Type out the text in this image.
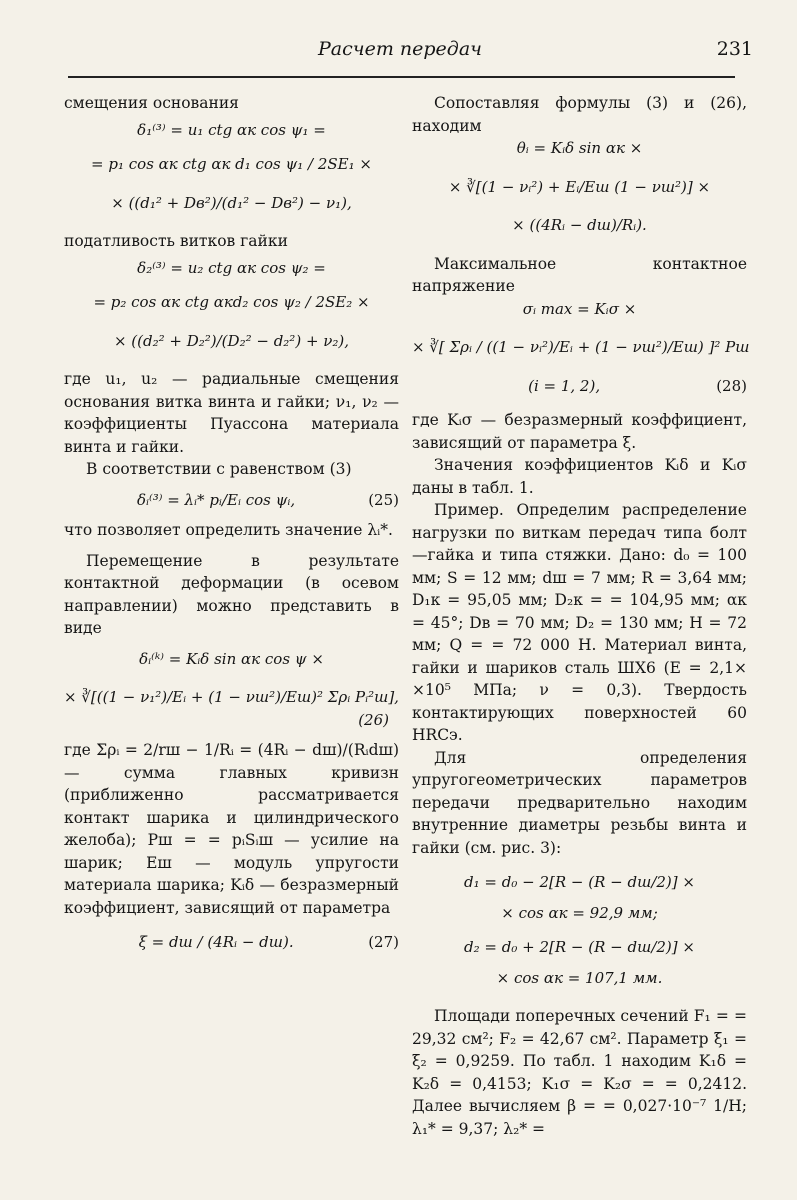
Расчет передач	231

смещения основания

δ₁⁽³⁾ = u₁ ctg αк cos ψ₁ =
= p₁ cos αк ctg αк d₁ cos ψ₁ / 2SE₁ ×
× ((d₁² + Dв²)/(d₁² − Dв²) − ν₁),

податливость витков гайки

δ₂⁽³⁾ = u₂ ctg αк cos ψ₂ =
= p₂ cos αк ctg αкd₂ cos ψ₂ / 2SE₂ ×
× ((d₂² + D₂²)/(D₂² − d₂²) + ν₂),

где u₁, u₂ — радиальные смещения основания витка винта и гайки; ν₁, ν₂ — коэффициенты Пуассона материала винта и гайки.

В соответствии с равенством (3)

δᵢ⁽³⁾ = λᵢ* pᵢ/Eᵢ cos ψᵢ,	(25)

что позволяет определить значение λᵢ*.

Перемещение в результате контактной деформации (в осевом направлении) можно представить в виде

δᵢ⁽ᵏ⁾ = Kᵢδ sin αк cos ψ ×
× ∛[((1 − ν₁²)/Eᵢ + (1 − νш²)/Eш)² Σρᵢ Pᵢ²ш],
(26)

где Σρᵢ = 2/rш − 1/Rᵢ = (4Rᵢ − dш)/(Rᵢdш) — сумма главных кривизн (приближенно рассматривается контакт шарика и цилиндрического желоба); Pш = = pᵢSᵢш — усилие на шарик; Eш — модуль упругости материала шарика; Kᵢδ — безразмерный коэффициент, зависящий от параметра

ξ = dш / (4Rᵢ − dш).	(27)

Сопоставляя формулы (3) и (26), находим

θᵢ = Kᵢδ sin αк ×
× ∛[(1 − νᵢ²) + Eᵢ/Eш (1 − νш²)] ×
× ((4Rᵢ − dш)/Rᵢ).

Максимальное контактное напряжение

σᵢ max = Kᵢσ ×
× ∛[ Σρᵢ / ((1 − νᵢ²)/Eᵢ + (1 − νш²)/Eш) ]² Pш
(i = 1, 2),	(28)

где Kᵢσ — безразмерный коэффициент, зависящий от параметра ξ.

Значения коэффициентов Kᵢδ и Kᵢσ даны в табл. 1.

Пример. Определим распределение нагрузки по виткам передач типа болт—гайка и типа стяжки. Дано: d₀ = 100 мм; S = 12 мм; dш = 7 мм; R = 3,64 мм; D₁к = 95,05 мм; D₂к = = 104,95 мм; αк = 45°; Dв = 70 мм; D₂ = 130 мм; H = 72 мм; Q = = 72 000 Н. Материал винта, гайки и шариков сталь ШХ6 (E = 2,1× ×10⁵ МПа; ν = 0,3). Твердость контактирующих поверхностей 60 HRCэ.

Для определения упругогеометрических параметров передачи предварительно находим внутренние диаметры резьбы винта и гайки (см. рис. 3):

d₁ = d₀ − 2[R − (R − dш/2)] ×
× cos αк = 92,9 мм;
d₂ = d₀ + 2[R − (R − dш/2)] ×
× cos αк = 107,1 мм.

Площади поперечных сечений F₁ = = 29,32 см²; F₂ = 42,67 см². Параметр ξ₁ = ξ₂ = 0,9259. По табл. 1 находим K₁δ = K₂δ = 0,4153; K₁σ = K₂σ = = 0,2412. Далее вычисляем β = = 0,027·10⁻⁷ 1/Н; λ₁* = 9,37; λ₂* =
